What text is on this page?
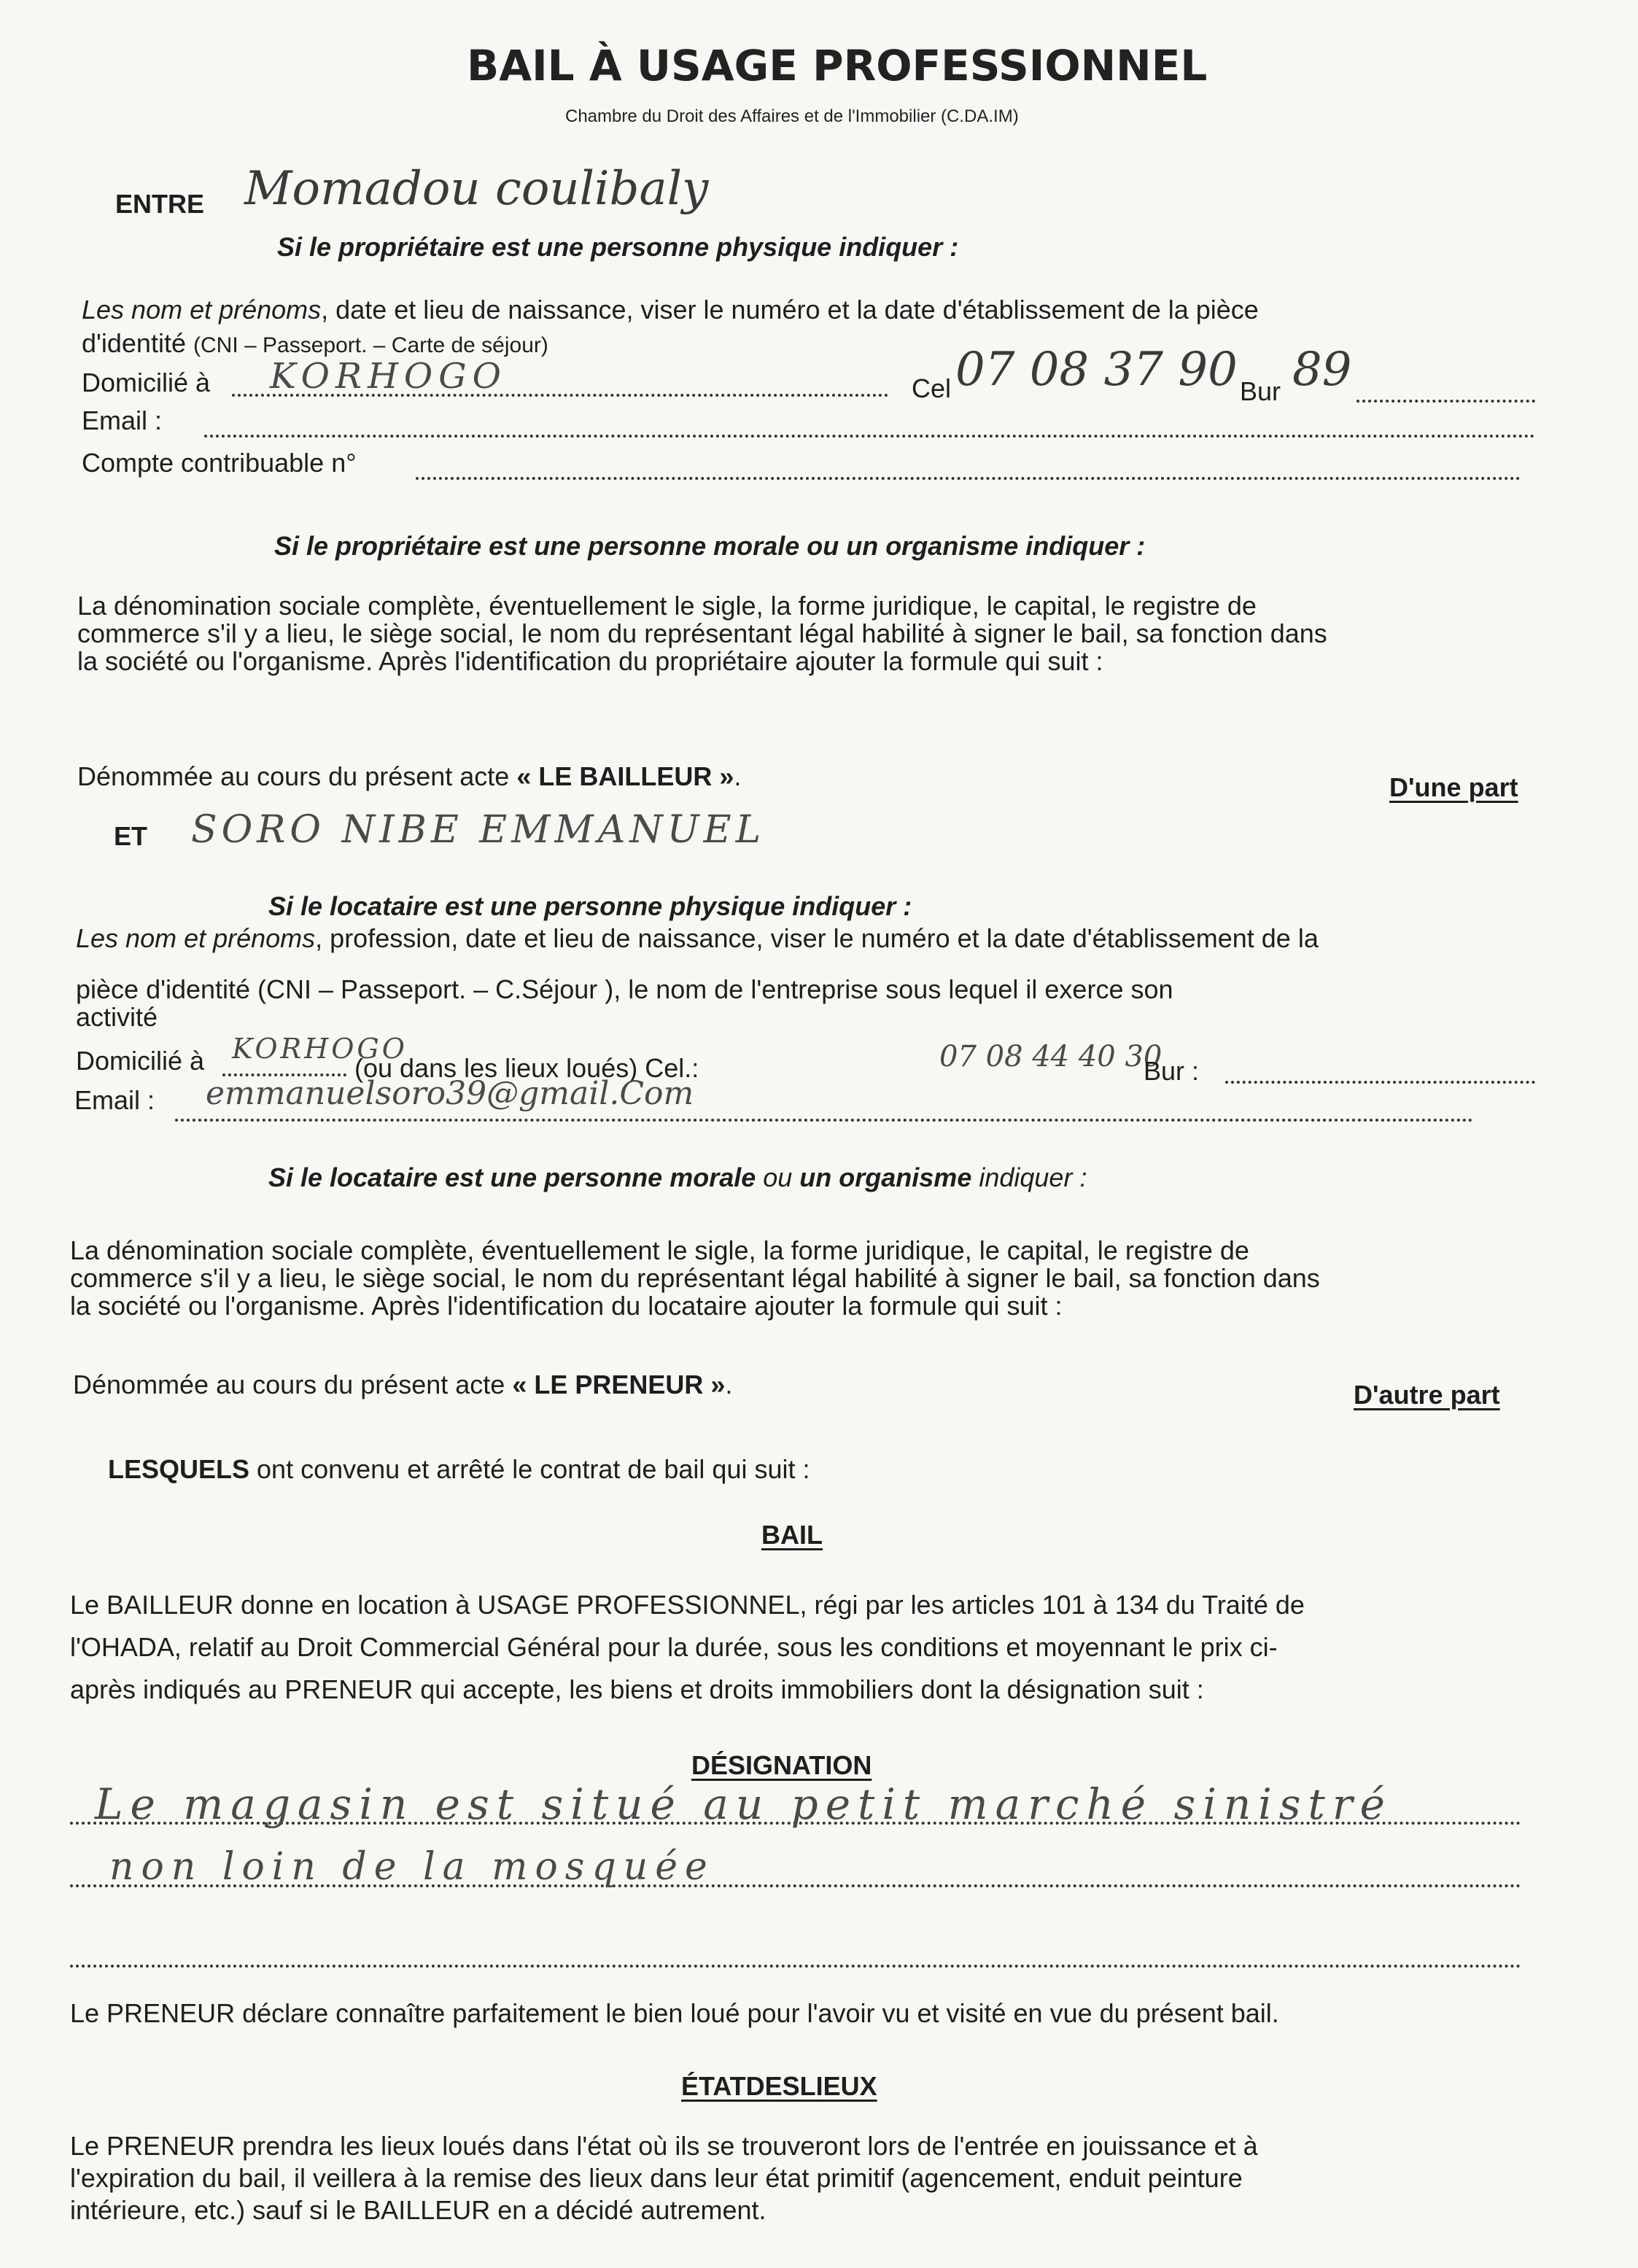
BAIL À USAGE PROFESSIONNEL
Chambre du Droit des Affaires et de l'Immobilier (C.DA.IM)
ENTRE Momadou coulibaly
Si le propriétaire est une personne physique indiquer :
Les nom et prénoms, date et lieu de naissance, viser le numéro et la date d'établissement de la pièce
d'identité (CNI – Passeport. – Carte de séjour)
Domicilié à KORHOGO	Cel 07 08 37 90 Bur 89
Email :
Compte contribuable n°
Si le propriétaire est une personne morale ou un organisme indiquer :
La dénomination sociale complète, éventuellement le sigle, la forme juridique, le capital, le registre de
commerce s'il y a lieu, le siège social, le nom du représentant légal habilité à signer le bail, sa fonction dans
la société ou l'organisme. Après l'identification du propriétaire ajouter la formule qui suit :
Dénommée au cours du présent acte « LE BAILLEUR ».	D'une part
ET SORO NIBE EMMANUEL
Si le locataire est une personne physique indiquer :
Les nom et prénoms, profession, date et lieu de naissance, viser le numéro et la date d'établissement de la
pièce d'identité (CNI – Passeport. – C.Séjour ), le nom de l'entreprise sous lequel il exerce son
activité
Domicilié à KORHOGO
(ou dans les lieux loués) Cel.:	07 08 44 40 30
Bur :
Email : emmanuelsoro39@gmail.Com
Si le locataire est une personne morale ou un organisme indiquer :
La dénomination sociale complète, éventuellement le sigle, la forme juridique, le capital, le registre de
commerce s'il y a lieu, le siège social, le nom du représentant légal habilité à signer le bail, sa fonction dans
la société ou l'organisme. Après l'identification du locataire ajouter la formule qui suit :
Dénommée au cours du présent acte « LE PRENEUR ».	D'autre part
LESQUELS ont convenu et arrêté le contrat de bail qui suit :
BAIL
Le BAILLEUR donne en location à USAGE PROFESSIONNEL, régi par les articles 101 à 134 du Traité de
l'OHADA, relatif au Droit Commercial Général pour la durée, sous les conditions et moyennant le prix ci-
après indiqués au PRENEUR qui accepte, les biens et droits immobiliers dont la désignation suit :
DÉSIGNATION
Le magasin est situé au petit marché sinistré
non loin de la mosquée
Le PRENEUR déclare connaître parfaitement le bien loué pour l'avoir vu et visité en vue du présent bail.
ÉTATDESLIEUX
Le PRENEUR prendra les lieux loués dans l'état où ils se trouveront lors de l'entrée en jouissance et à
l'expiration du bail, il veillera à la remise des lieux dans leur état primitif (agencement, enduit peinture
intérieure, etc.) sauf si le BAILLEUR en a décidé autrement.
